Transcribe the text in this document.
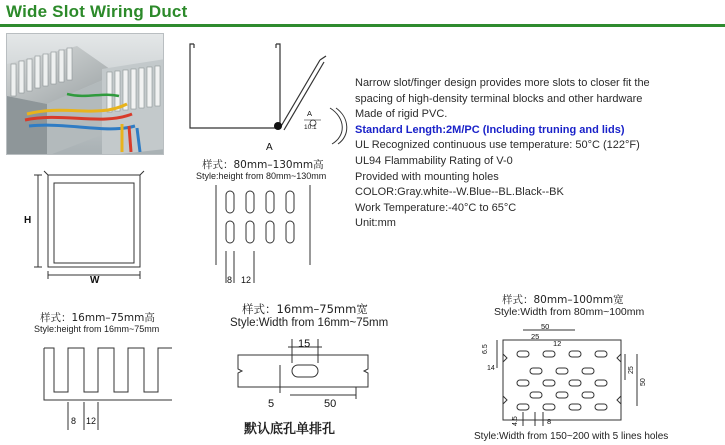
Wide Slot Wiring Duct
A
A
10:1
H
W
样式：80mm–130mm高
Style:height from 80mm~130mm
8 12
Narrow slot/finger design provides more slots to closer fit the
spacing of high-density terminal blocks and other hardware
Made of rigid PVC.
Standard Length:2M/PC (Including truning and lids)
UL Recognized continuous use temperature: 50°C (122°F)
UL94 Flammability Rating of V-0
Provided with mounting holes
COLOR:Gray.white--W.Blue--BL.Black--BK
Work Temperature:-40°C to 65°C
Unit:mm
样式：16mm–75mm高
Style:height from 16mm~75mm
8 12
样式：16mm–75mm宽
Style:Width from 16mm~75mm
15
5	50
默认底孔单排孔
样式：80mm–100mm宽
Style:Width from 80mm~100mm
50
25
12
6.5
14	25
50
4.5	8
Style:Width from 150~200 with 5 lines holes
